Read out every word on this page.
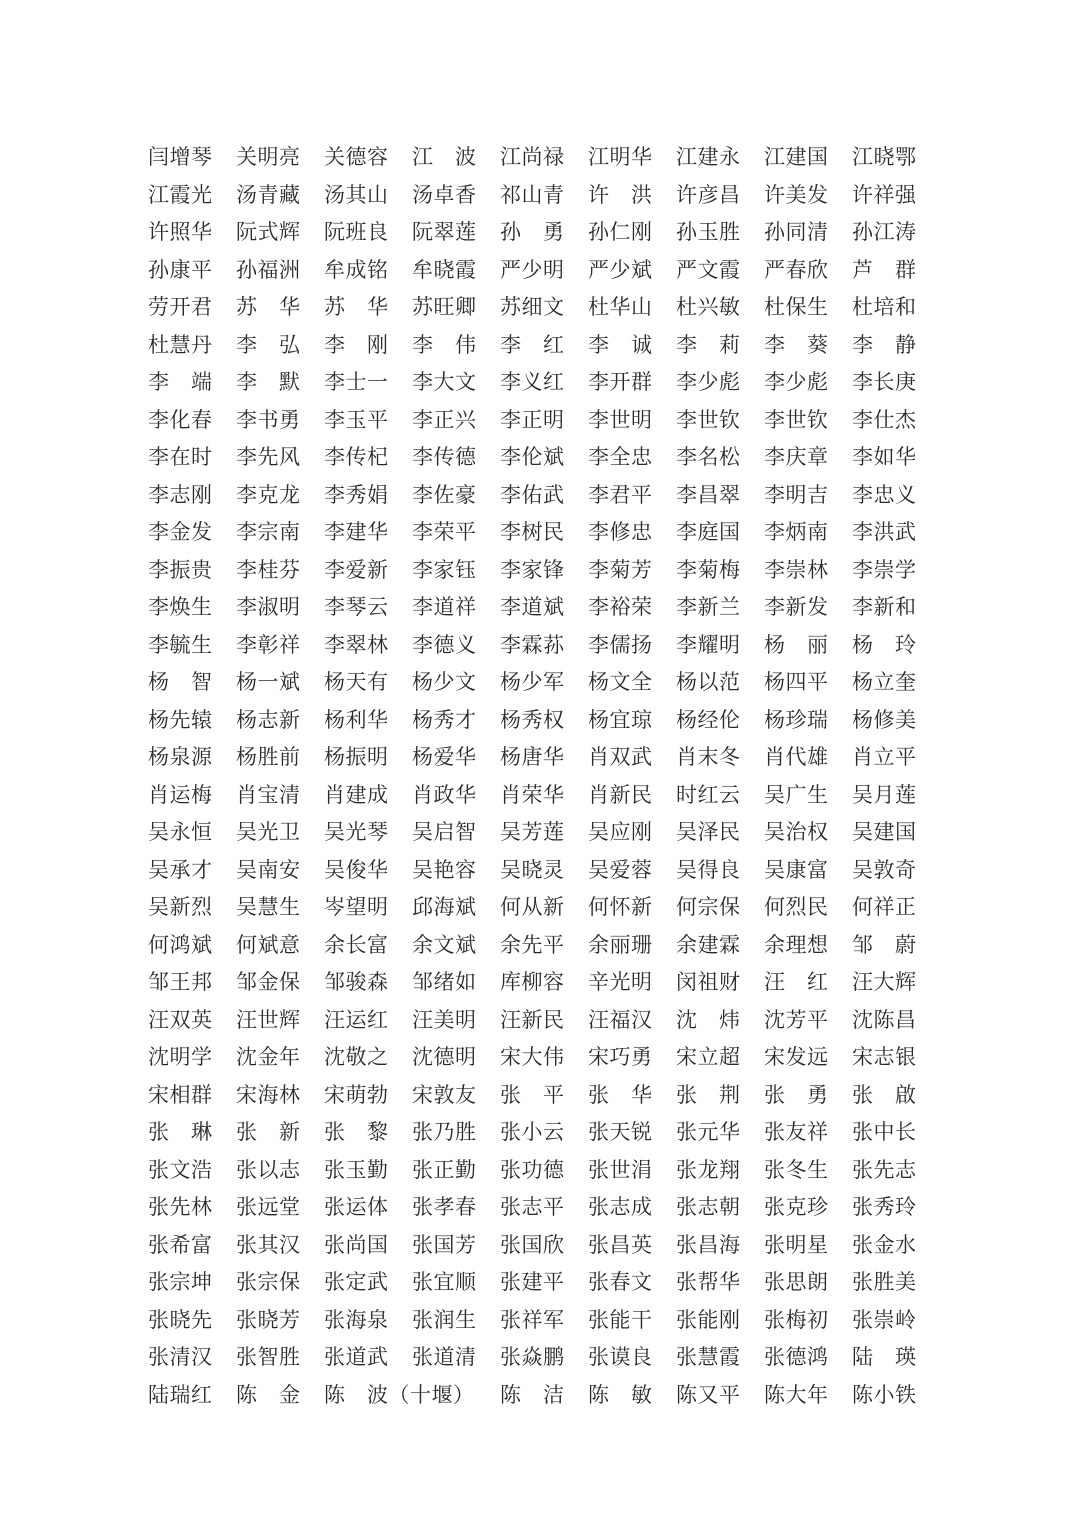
闫增琴	关明亮	关德容	江　波	江尚禄	江明华	江建永	江建国	江晓鄂
江霞光	汤青藏	汤其山	汤卓香	祁山青	许　洪	许彦昌	许美发	许祥强
许照华	阮式辉	阮班良	阮翠莲	孙　勇	孙仁刚	孙玉胜	孙同清	孙江涛
孙康平	孙福洲	牟成铭	牟晓霞	严少明	严少斌	严文霞	严春欣	芦　群
劳开君	苏　华	苏　华	苏旺卿	苏细文	杜华山	杜兴敏	杜保生	杜培和
杜慧丹	李　弘	李　刚	李　伟	李　红	李　诚	李　莉	李　葵	李　静
李　端	李　默	李士一	李大文	李义红	李开群	李少彪	李少彪	李长庚
李化春	李书勇	李玉平	李正兴	李正明	李世明	李世钦	李世钦	李仕杰
李在时	李先风	李传杞	李传德	李伦斌	李全忠	李名松	李庆章	李如华
李志刚	李克龙	李秀娟	李佐豪	李佑武	李君平	李昌翠	李明吉	李忠义
李金发	李宗南	李建华	李荣平	李树民	李修忠	李庭国	李炳南	李洪武
李振贵	李桂芬	李爱新	李家钰	李家锋	李菊芳	李菊梅	李崇林	李崇学
李焕生	李淑明	李琴云	李道祥	李道斌	李裕荣	李新兰	李新发	李新和
李毓生	李彰祥	李翠林	李德义	李霖荪	李儒扬	李耀明	杨　丽	杨　玲
杨　智	杨一斌	杨天有	杨少文	杨少军	杨文全	杨以范	杨四平	杨立奎
杨先辕	杨志新	杨利华	杨秀才	杨秀权	杨宜琼	杨经伦	杨珍瑞	杨修美
杨泉源	杨胜前	杨振明	杨爱华	杨唐华	肖双武	肖末冬	肖代雄	肖立平
肖运梅	肖宝清	肖建成	肖政华	肖荣华	肖新民	时红云	吴广生	吴月莲
吴永恒	吴光卫	吴光琴	吴启智	吴芳莲	吴应刚	吴泽民	吴治权	吴建国
吴承才	吴南安	吴俊华	吴艳容	吴晓灵	吴爱蓉	吴得良	吴康富	吴敦奇
吴新烈	吴慧生	岑望明	邱海斌	何从新	何怀新	何宗保	何烈民	何祥正
何鸿斌	何斌意	余长富	余文斌	余先平	余丽珊	余建霖	余理想	邹　蔚
邹王邦	邹金保	邹骏森	邹绪如	库柳容	辛光明	闵祖财	汪　红	汪大辉
汪双英	汪世辉	汪运红	汪美明	汪新民	汪福汉	沈　炜	沈芳平	沈陈昌
沈明学	沈金年	沈敬之	沈德明	宋大伟	宋巧勇	宋立超	宋发远	宋志银
宋相群	宋海林	宋萌勃	宋敦友	张　平	张　华	张　荆	张　勇	张　啟
张　琳	张　新	张　黎	张乃胜	张小云	张天锐	张元华	张友祥	张中长
张文浩	张以志	张玉勤	张正勤	张功德	张世涓	张龙翔	张冬生	张先志
张先林	张远堂	张运体	张孝春	张志平	张志成	张志朝	张克珍	张秀玲
张希富	张其汉	张尚国	张国芳	张国欣	张昌英	张昌海	张明星	张金水
张宗坤	张宗保	张定武	张宜顺	张建平	张春文	张帮华	张思朗	张胜美
张晓先	张晓芳	张海泉	张润生	张祥军	张能干	张能刚	张梅初	张崇岭
张清汉	张智胜	张道武	张道清	张焱鹏	张谟良	张慧霞	张德鸿	陆　瑛
陆瑞红	陈　金	陈　波（十堰）	陈　洁	陈　敏	陈又平	陈大年	陈小铁
